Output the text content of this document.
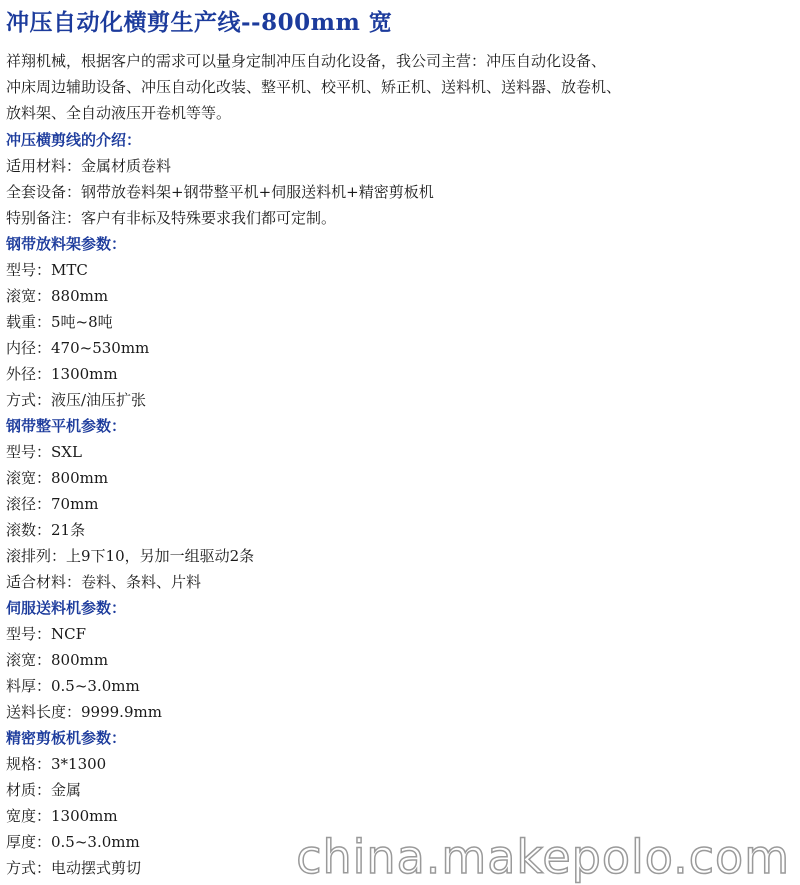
冲压自动化横剪生产线--800mm 宽

祥翔机械，根据客户的需求可以量身定制冲压自动化设备，我公司主营：冲压自动化设备、

冲床周边辅助设备、冲压自动化改装、整平机、校平机、矫正机、送料机、送料器、放卷机、

放料架、全自动液压开卷机等等。

冲压横剪线的介绍：
适用材料：金属材质卷料
全套设备：钢带放卷料架+钢带整平机+伺服送料机+精密剪板机
特别备注：客户有非标及特殊要求我们都可定制。
钢带放料架参数：
型号：MTC
滚宽：880mm
载重：5吨~8吨
内径：470~530mm
外径：1300mm
方式：液压/油压扩张
钢带整平机参数：
型号：SXL
滚宽：800mm
滚径：70mm
滚数：21条
滚排列：上9下10，另加一组驱动2条
适合材料：卷料、条料、片料
伺服送料机参数：
型号：NCF
滚宽：800mm
料厚：0.5~3.0mm
送料长度：9999.9mm
精密剪板机参数：
规格：3*1300
材质：金属
宽度：1300mm
厚度：0.5~3.0mm
方式：电动摆式剪切	china.makepolo.com
